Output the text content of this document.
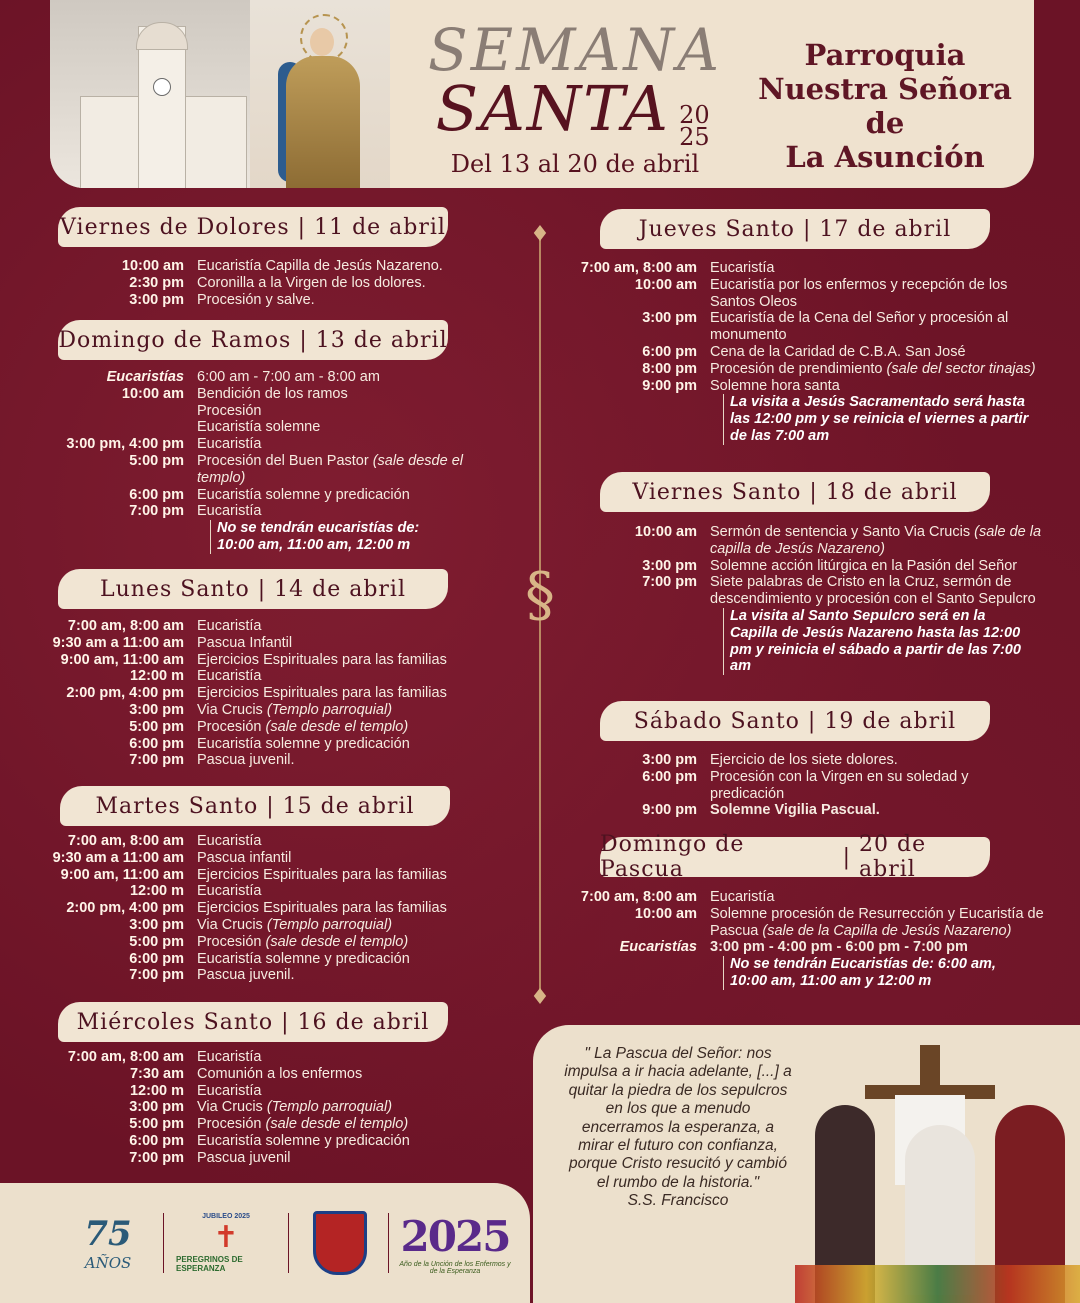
SEMANA
SANTA 20
25
Del 13 al 20 de abril
Parroquia
Nuestra Señora de
La Asunción
♦
§
♦
Viernes de Dolores | 11 de abril
10:00 am Eucaristía Capilla de Jesús Nazareno.
2:30 pm Coronilla a la Virgen de los dolores.
3:00 pm Procesión y salve.
Domingo de Ramos | 13 de abril
Eucaristías 6:00 am - 7:00 am - 8:00 am
10:00 am Bendición de los ramos
Procesión
Eucaristía solemne
3:00 pm, 4:00 pm Eucaristía
5:00 pm Procesión del Buen Pastor (sale desde el templo)
6:00 pm Eucaristía solemne y predicación
7:00 pm Eucaristía
No se tendrán eucaristías de: 10:00 am, 11:00 am, 12:00 m
Lunes Santo | 14 de abril
7:00 am, 8:00 am Eucaristía
9:30 am a 11:00 am Pascua Infantil
9:00 am, 11:00 am Ejercicios Espirituales para las familias
12:00 m Eucaristía
2:00 pm, 4:00 pm Ejercicios Espirituales para las familias
3:00 pm Via Crucis (Templo parroquial)
5:00 pm Procesión (sale desde el templo)
6:00 pm Eucaristía solemne y predicación
7:00 pm Pascua juvenil.
Martes Santo | 15 de abril
7:00 am, 8:00 am Eucaristía
9:30 am a 11:00 am Pascua infantil
9:00 am, 11:00 am Ejercicios Espirituales para las familias
12:00 m Eucaristía
2:00 pm, 4:00 pm Ejercicios Espirituales para las familias
3:00 pm Via Crucis (Templo parroquial)
5:00 pm Procesión (sale desde el templo)
6:00 pm Eucaristía solemne y predicación
7:00 pm Pascua juvenil.
Miércoles Santo | 16 de abril
7:00 am, 8:00 am Eucaristía
7:30 am Comunión a los enfermos
12:00 m Eucaristía
3:00 pm Via Crucis (Templo parroquial)
5:00 pm Procesión (sale desde el templo)
6:00 pm Eucaristía solemne y predicación
7:00 pm Pascua juvenil
Jueves Santo | 17 de abril
7:00 am, 8:00 am Eucaristía
10:00 am Eucaristía por los enfermos y recepción de los Santos Oleos
3:00 pm Eucaristía de la Cena del Señor y procesión al monumento
6:00 pm Cena de la Caridad de C.B.A. San José
8:00 pm Procesión de prendimiento (sale del sector tinajas)
9:00 pm Solemne hora santa
La visita a Jesús Sacramentado será hasta las 12:00 pm y se reinicia el viernes a partir de las 7:00 am
Viernes Santo | 18 de abril
10:00 am Sermón de sentencia y Santo Via Crucis (sale de la capilla de Jesús Nazareno)
3:00 pm Solemne acción litúrgica en la Pasión del Señor
7:00 pm Siete palabras de Cristo en la Cruz, sermón de descendimiento y procesión con el Santo Sepulcro
La visita al Santo Sepulcro será en la Capilla de Jesús Nazareno hasta las 12:00 pm y reinicia el sábado a partir de las 7:00 am
Sábado Santo | 19 de abril
3:00 pm Ejercicio de los siete dolores.
6:00 pm Procesión con la Virgen en su soledad y predicación
9:00 pm Solemne Vigilia Pascual.
Domingo de Pascua	| 20 de abril
7:00 am, 8:00 am Eucaristía
10:00 am Solemne procesión de Resurrección y Eucaristía de Pascua (sale de la Capilla de Jesús Nazareno)
Eucaristías 3:00 pm - 4:00 pm - 6:00 pm - 7:00 pm
No se tendrán Eucaristías de: 6:00 am, 10:00 am, 11:00 am y 12:00 m
" La Pascua del Señor: nos impulsa a ir hacia adelante, [...] a quitar la piedra de los sepulcros en los que a menudo encerramos la esperanza, a mirar el futuro con confianza, porque Cristo resucitó y cambió el rumbo de la historia."
S.S. Francisco
75
AÑOS
JUBILEO 2025
✝
PEREGRINOS DE ESPERANZA
2025
Año de la Unción de los Enfermos y de la Esperanza
